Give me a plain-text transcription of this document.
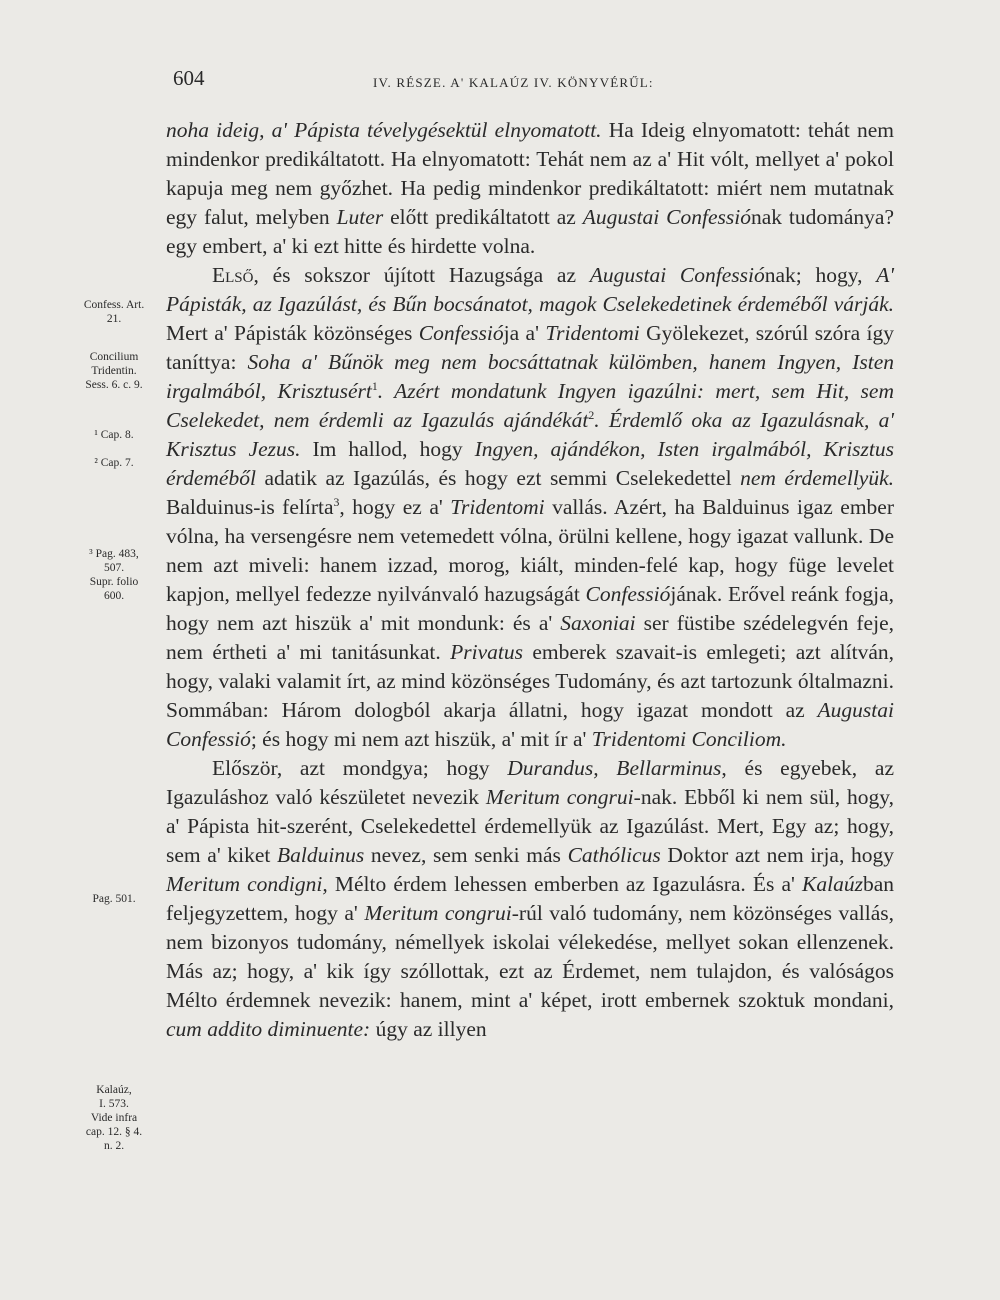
604	IV. RÉSZE. A' KALAÚZ IV. KÖNYVÉRŰL:
Confess. Art.
21.
Concilium
Tridentin.
Sess. 6. c. 9.
¹ Cap. 8.
² Cap. 7.
³ Pag. 483,
507.
Supr. folio
600.
Pag. 501.
Kalaúz,
I. 573.
Vide infra
cap. 12. § 4.
n. 2.

noha ideig, a' Pápista tévelygésektül elnyomatott. Ha Ideig elnyomatott: tehát nem mindenkor predikáltatott. Ha elnyomatott: Tehát nem az a' Hit vólt, mellyet a' pokol kapuja meg nem győzhet. Ha pedig mindenkor predikáltatott: miért nem mutatnak egy falut, melyben Luter előtt predikáltatott az Augustai Confessiónak tudománya? egy embert, a' ki ezt hitte és hirdette volna.

Első, és sokszor újított Hazugsága az Augustai Confessiónak; hogy, A' Pápisták, az Igazúlást, és Bűn bocsánatot, magok Cselekedetinek érdeméből várják. Mert a' Pápisták közönséges Confessiója a' Tridentomi Gyölekezet, szórúl szóra így taníttya: Soha a' Bűnök meg nem bocsáttatnak külömben, hanem Ingyen, Isten irgalmából, Krisztusért$^1$. Azért mondatunk Ingyen igazúlni: mert, sem Hit, sem Cselekedet, nem érdemli az Igazulás ajándékát$^2$. Érdemlő oka az Igazulásnak, a' Krisztus Jezus. Im hallod, hogy Ingyen, ajándékon, Isten irgalmából, Krisztus érdeméből adatik az Igazúlás, és hogy ezt semmi Cselekedettel nem érdemellyük. Balduinus-is felírta$^3$, hogy ez a' Tridentomi vallás. Azért, ha Balduinus igaz ember vólna, ha versengésre nem vetemedett vólna, örülni kellene, hogy igazat vallunk. De nem azt miveli: hanem izzad, morog, kiált, minden-felé kap, hogy füge levelet kapjon, mellyel fedezze nyilvánvaló hazugságát Confessiójának. Erővel reánk fogja, hogy nem azt hiszük a' mit mondunk: és a' Saxoniai ser füstibe szédelegvén feje, nem értheti a' mi tanitásunkat. Privatus emberek szavait-is emlegeti; azt alítván, hogy, valaki valamit írt, az mind közönséges Tudomány, és azt tartozunk óltalmazni. Sommában: Három dologból akarja állatni, hogy igazat mondott az Augustai Confessió; és hogy mi nem azt hiszük, a' mit ír a' Tridentomi Conciliom.

Először, azt mondgya; hogy Durandus, Bellarminus, és egyebek, az Igazuláshoz való készületet nevezik Meritum congrui-nak. Ebből ki nem sül, hogy, a' Pápista hit-szerént, Cselekedettel érdemellyük az Igazúlást. Mert, Egy az; hogy, sem a' kiket Balduinus nevez, sem senki más Cathólicus Doktor azt nem irja, hogy Meritum condigni, Mélto érdem lehessen emberben az Igazulásra. És a' Kalaúzban feljegyzettem, hogy a' Meritum congrui-rúl való tudomány, nem közönséges vallás, nem bizonyos tudomány, némellyek iskolai vélekedése, mellyet sokan ellenzenek. Más az; hogy, a' kik így szóllottak, ezt az Érdemet, nem tulajdon, és valóságos Mélto érdemnek nevezik: hanem, mint a' képet, irott embernek szoktuk mondani, cum addito diminuente: úgy az illyen
